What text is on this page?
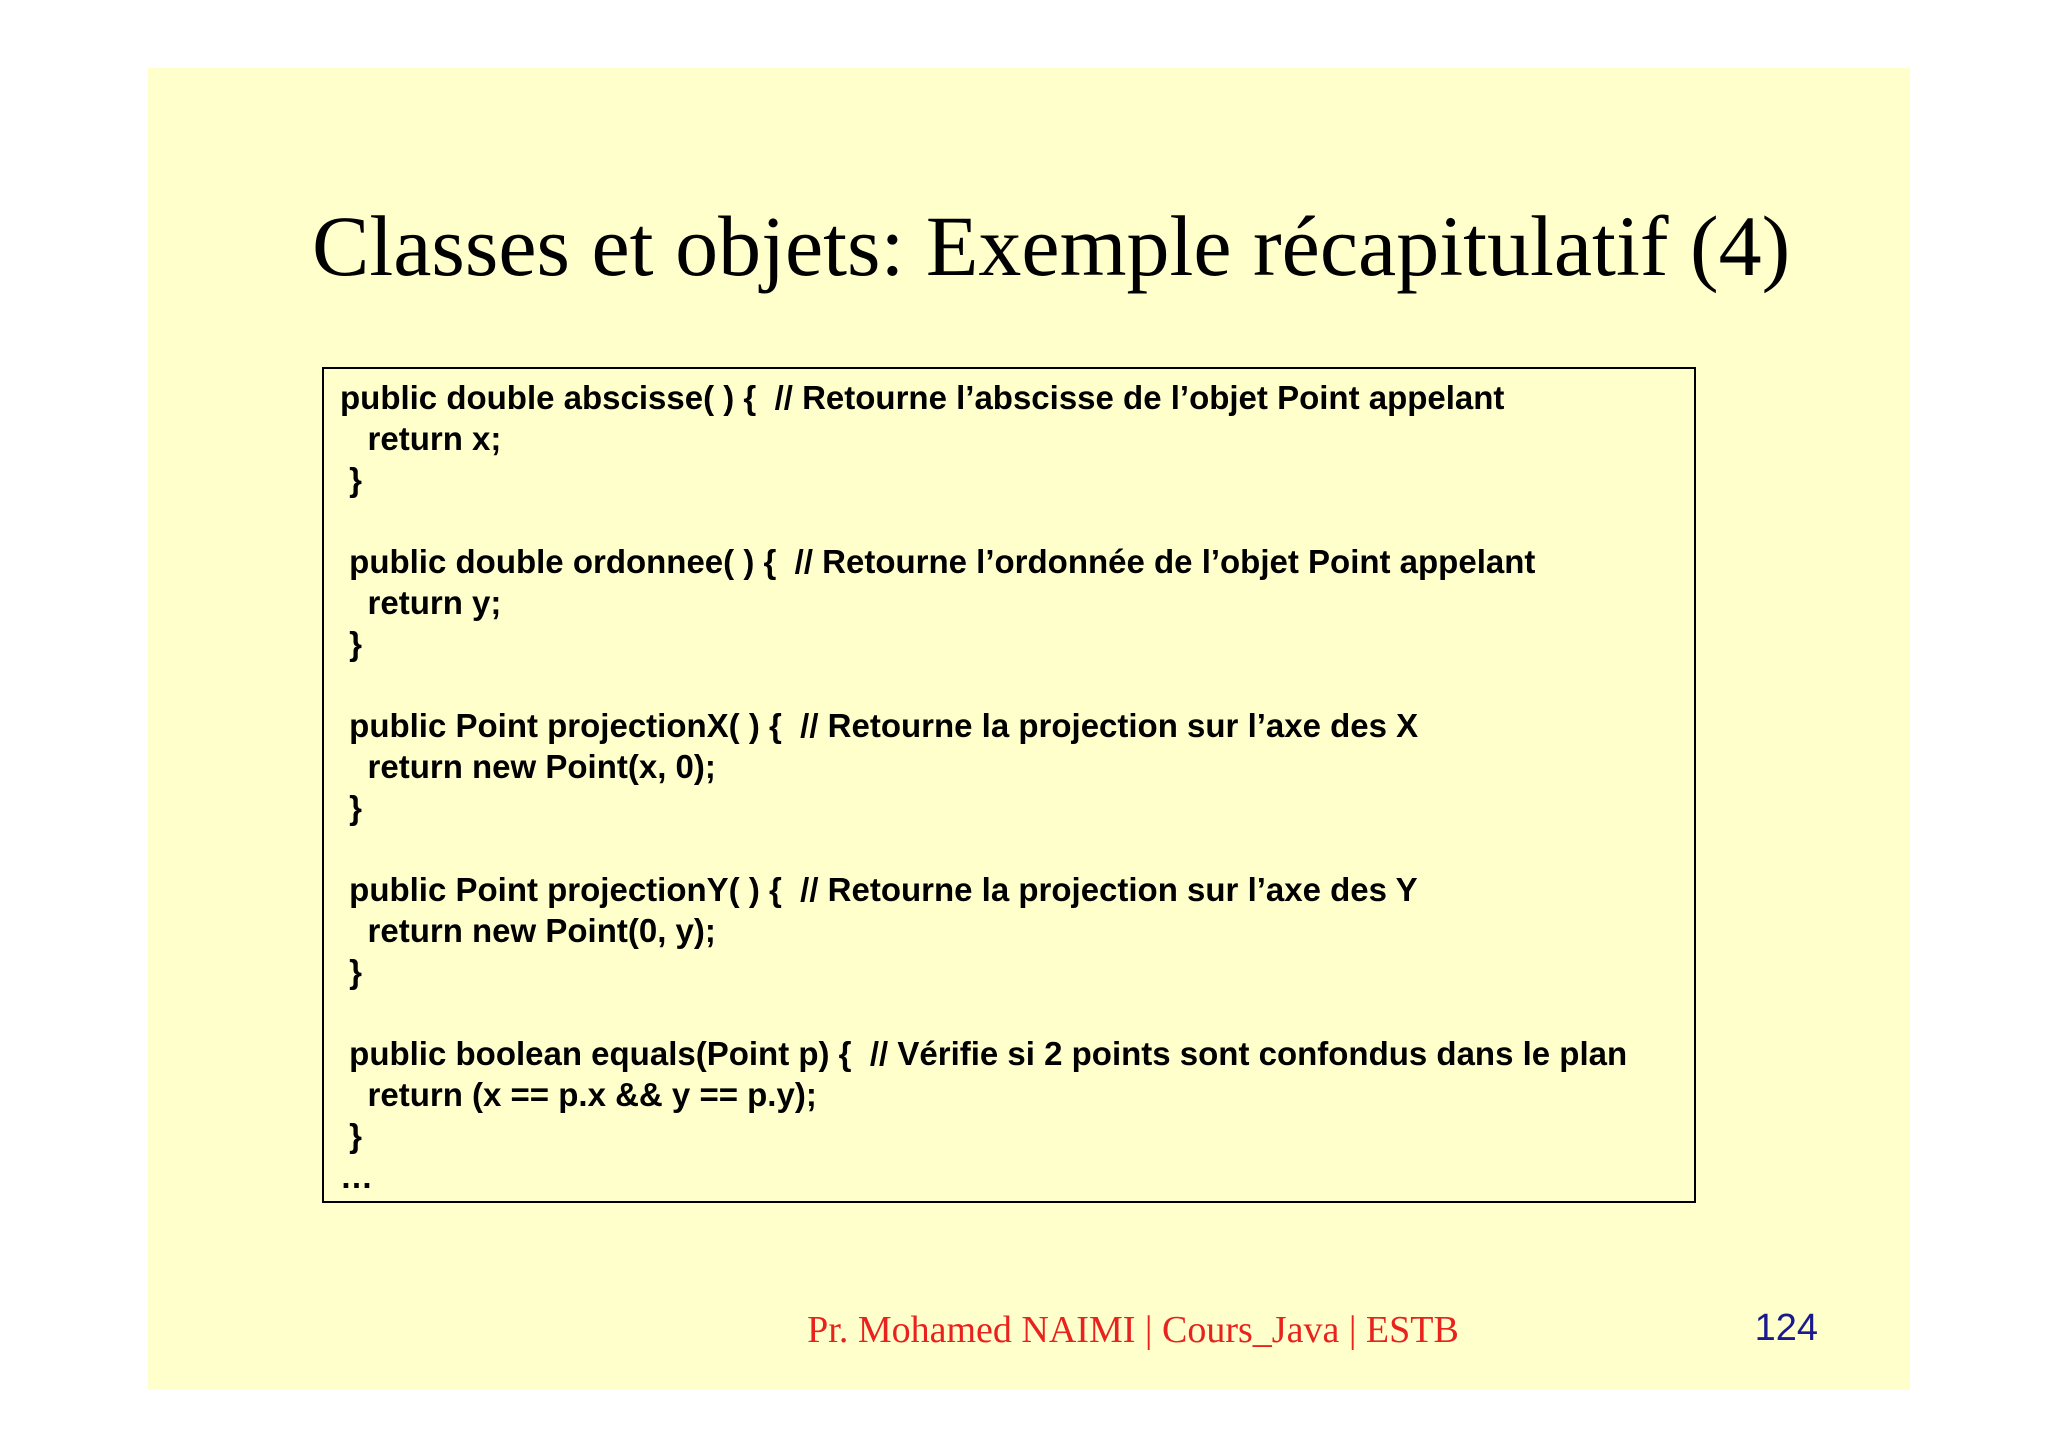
Classes et objets: Exemple récapitulatif (4)
public double abscisse( ) {  // Retourne l’abscisse de l’objet Point appelant
return x;
}
public double ordonnee( ) {  // Retourne l’ordonnée de l’objet Point appelant
return y;
}
public Point projectionX( ) {  // Retourne la projection sur l’axe des X
return new Point(x, 0);
}
public Point projectionY( ) {  // Retourne la projection sur l’axe des Y
return new Point(0, y);
}
public boolean equals(Point p) {  // Vérifie si 2 points sont confondus dans le plan
return (x == p.x && y == p.y);
}
…
Pr. Mohamed NAIMI | Cours_Java | ESTB	124
